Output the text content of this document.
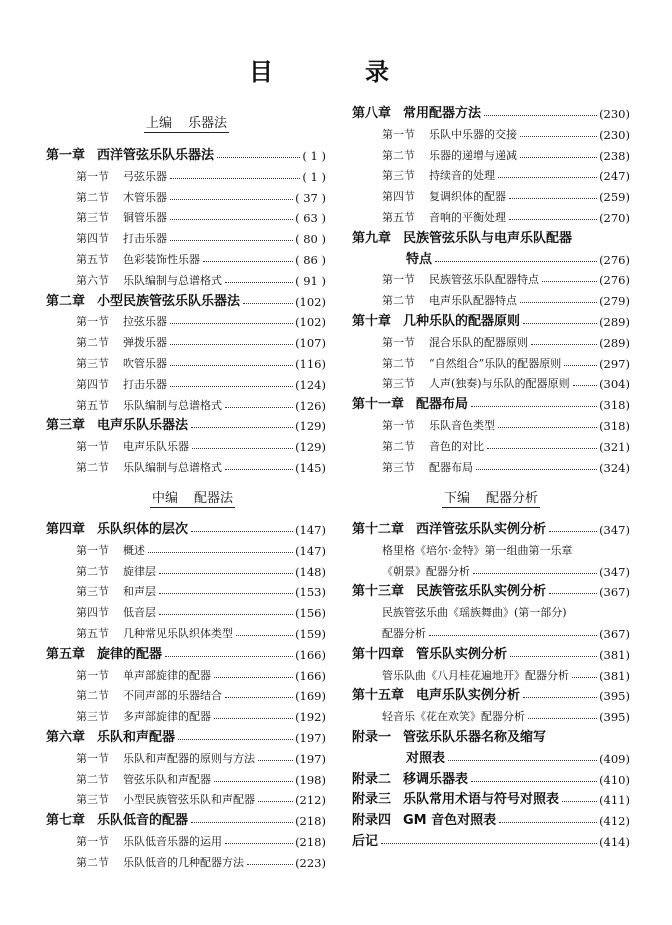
目　录
上编 乐器法
第一章 西洋管弦乐队乐器法	( 1 )
第一节 弓弦乐器	( 1 )
第二节 木管乐器	( 37 )
第三节 铜管乐器	( 63 )
第四节 打击乐器	( 80 )
第五节 色彩装饰性乐器	( 86 )
第六节 乐队编制与总谱格式	( 91 )
第二章 小型民族管弦乐队乐器法	(102)
第一节 拉弦乐器	(102)
第二节 弹拨乐器	(107)
第三节 吹管乐器	(116)
第四节 打击乐器	(124)
第五节 乐队编制与总谱格式	(126)
第三章 电声乐队乐器法	(129)
第一节 电声乐队乐器	(129)
第二节 乐队编制与总谱格式	(145)
中编 配器法
第四章 乐队织体的层次	(147)
第一节 概述	(147)
第二节 旋律层	(148)
第三节 和声层	(153)
第四节 低音层	(156)
第五节 几种常见乐队织体类型	(159)
第五章 旋律的配器	(166)
第一节 单声部旋律的配器	(166)
第二节 不同声部的乐器结合	(169)
第三节 多声部旋律的配器	(192)
第六章 乐队和声配器	(197)
第一节 乐队和声配器的原则与方法	(197)
第二节 管弦乐队和声配器	(198)
第三节 小型民族管弦乐队和声配器	(212)
第七章 乐队低音的配器	(218)
第一节 乐队低音乐器的运用	(218)
第二节 乐队低音的几种配器方法	(223)
第八章 常用配器方法	(230)
第一节 乐队中乐器的交接	(230)
第二节 乐器的递增与递减	(238)
第三节 持续音的处理	(247)
第四节 复调织体的配器	(259)
第五节 音响的平衡处理	(270)
第九章 民族管弦乐队与电声乐队配器
特点	(276)
第一节 民族管弦乐队配器特点	(276)
第二节 电声乐队配器特点	(279)
第十章 几种乐队的配器原则	(289)
第一节 混合乐队的配器原则	(289)
第二节 “自然组合”乐队的配器原则	(297)
第三节 人声(独奏)与乐队的配器原则	(304)
第十一章 配器布局	(318)
第一节 乐队音色类型	(318)
第二节 音色的对比	(321)
第三节 配器布局	(324)
下编 配器分析
第十二章 西洋管弦乐队实例分析	(347)
格里格《培尔·金特》第一组曲第一乐章
《朝景》配器分析	(347)
第十三章 民族管弦乐队实例分析	(367)
民族管弦乐曲《瑶族舞曲》(第一部分)
配器分析	(367)
第十四章 管乐队实例分析	(381)
管乐队曲《八月桂花遍地开》配器分析	(381)
第十五章 电声乐队实例分析	(395)
轻音乐《花在欢笑》配器分析	(395)
附录一 管弦乐队乐器名称及缩写
对照表	(409)
附录二 移调乐器表	(410)
附录三 乐队常用术语与符号对照表	(411)
附录四 GM 音色对照表	(412)
后记	(414)
